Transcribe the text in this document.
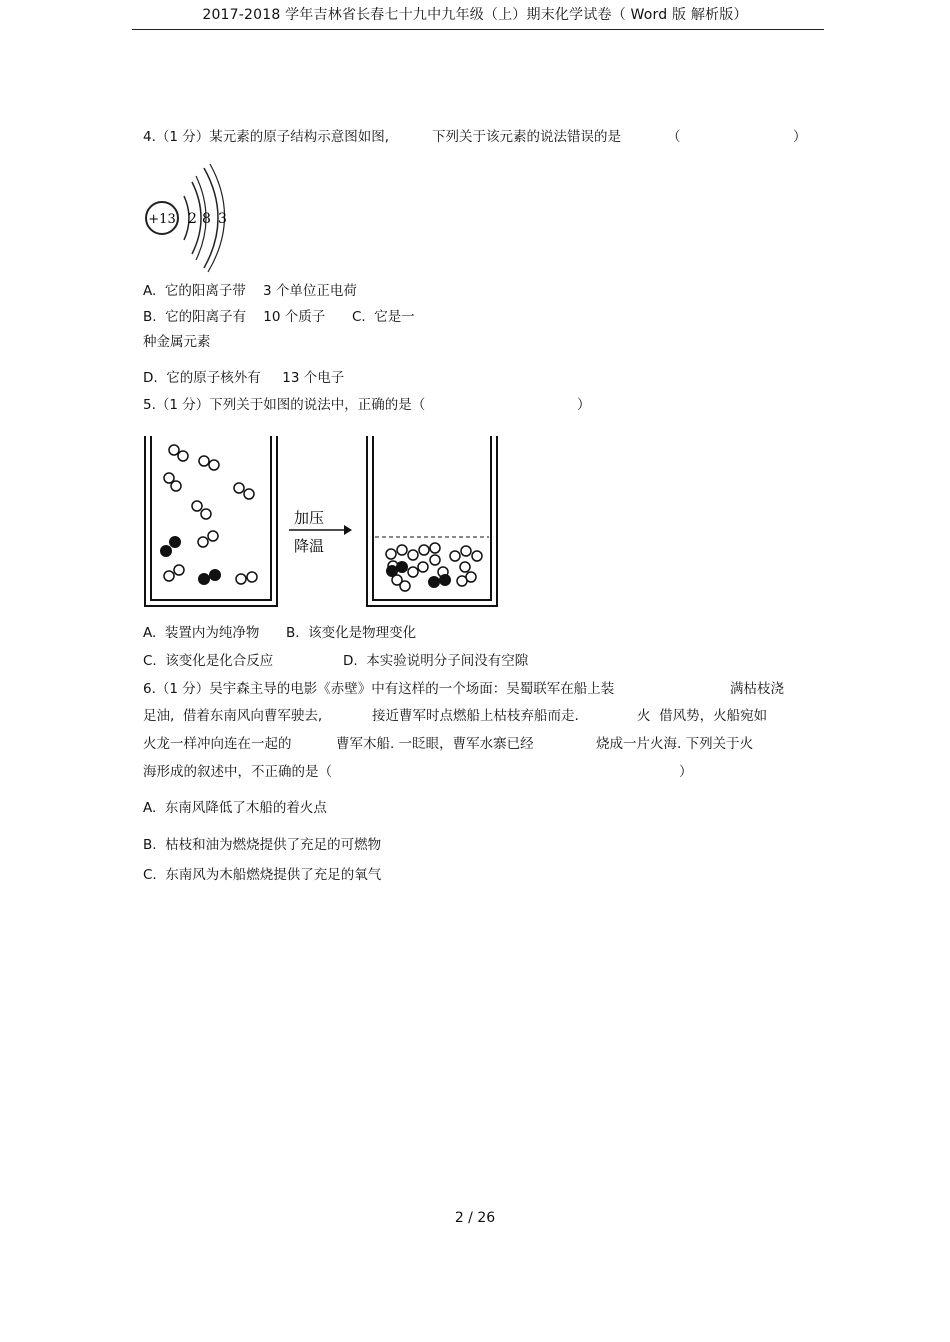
2017-2018 学年吉林省长春七十九中九年级（上）期末化学试卷（ Word 版 解析版）
4.（1 分）某元素的原子结构示意图如图,	下列关于该元素的说法错误的是	（	）
+13 2 8 3
A.  它的阳离子带    3 个单位正电荷
B.  它的阳离子有    10 个质子 C.  它是一
种金属元素
D.  它的原子核外有     13 个电子
5.（1 分）下列关于如图的说法中，正确的是（	）
加压
降温
A.  装置内为纯净物 B.  该变化是物理变化
C.  该变化是化合反应	D.  本实验说明分子间没有空隙
6.（1 分）吴宇森主导的电影《赤壁》中有这样的一个场面：吴蜀联军在船上装	满枯枝浇
足油,  借着东南风向曹军驶去,	接近曹军时点燃船上枯枝弃船而走.	火  借风势，火船宛如
火龙一样冲向连在一起的	曹军木船. 一眨眼，曹军水寨已经	烧成一片火海. 下列关于火
海形成的叙述中，不正确的是（	）
A.  东南风降低了木船的着火点
B.  枯枝和油为燃烧提供了充足的可燃物
C.  东南风为木船燃烧提供了充足的氧气
2 / 26
